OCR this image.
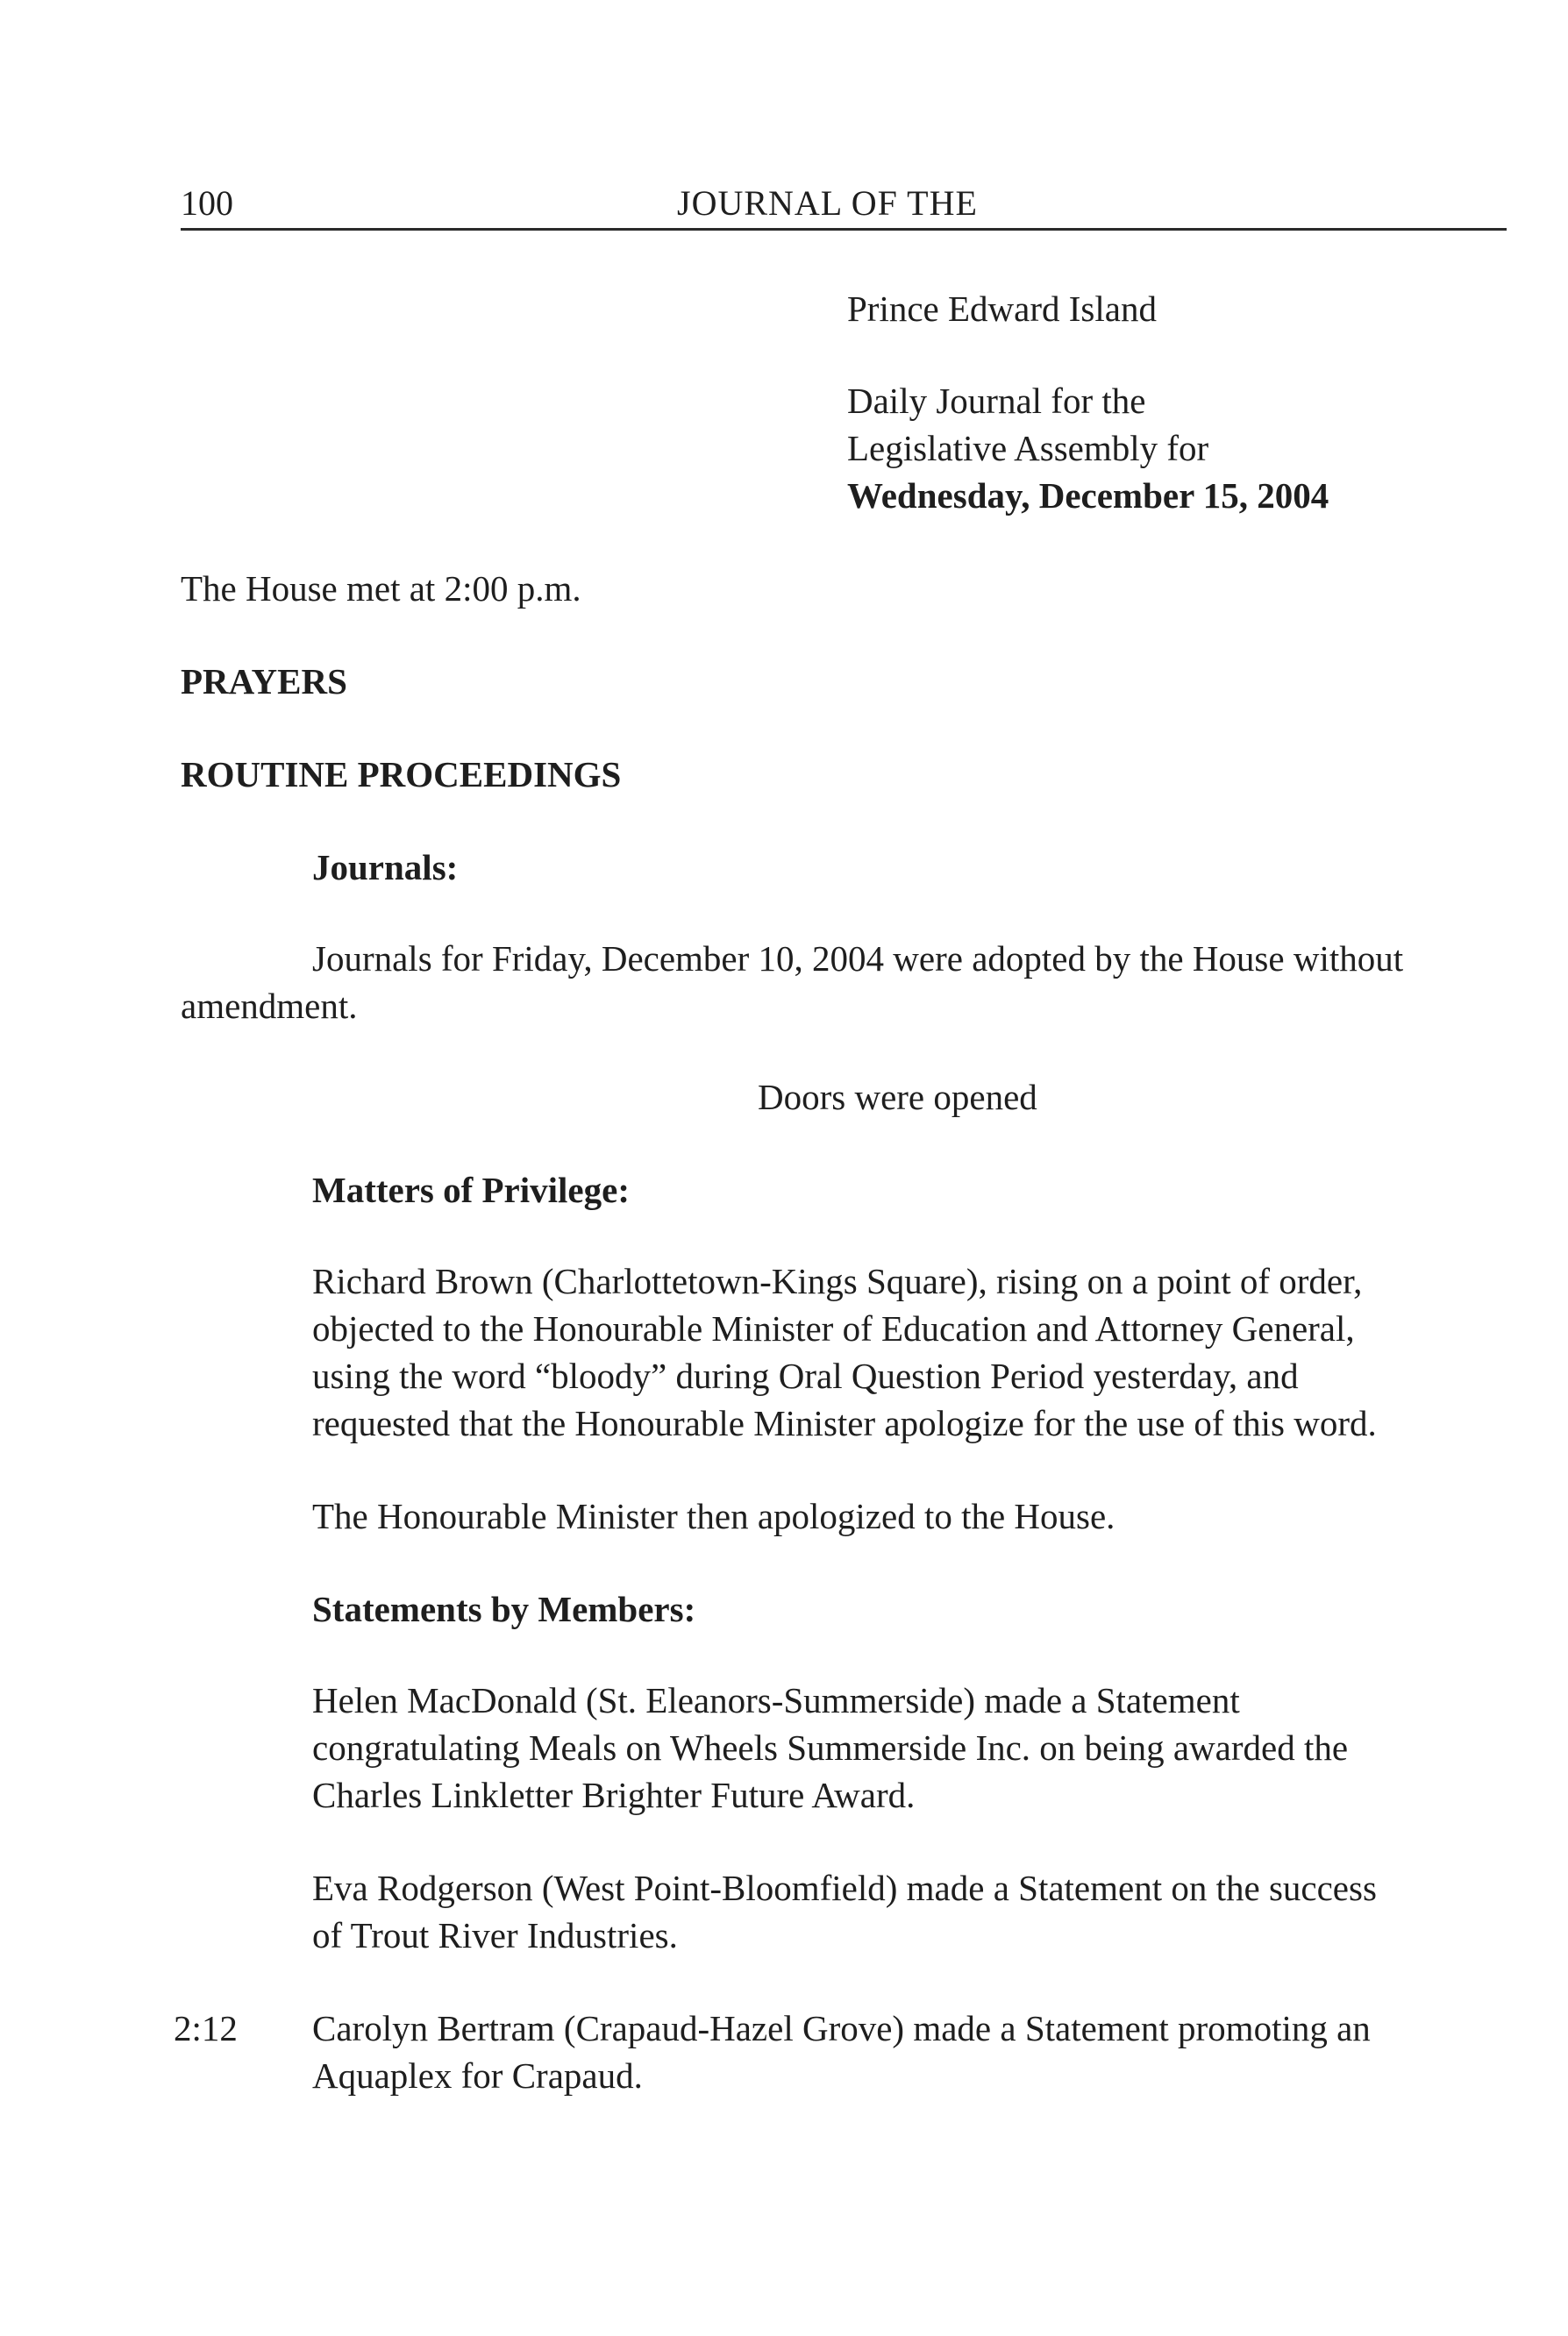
100	JOURNAL OF THE
Prince Edward Island
Daily Journal for the
Legislative Assembly for
Wednesday, December 15, 2004
The House met at 2:00 p.m.
PRAYERS
ROUTINE PROCEEDINGS
Journals:
Journals for Friday, December 10, 2004 were adopted by the House without
amendment.
Doors were opened
Matters of Privilege:
Richard Brown (Charlottetown-Kings Square), rising on a point of order,
objected to the Honourable Minister of Education and Attorney General,
using the word “bloody” during Oral Question Period yesterday, and
requested that the Honourable Minister apologize for the use of this word.
The Honourable Minister then apologized to the House.
Statements by Members:
Helen MacDonald (St. Eleanors-Summerside) made a Statement
congratulating Meals on Wheels Summerside Inc. on being awarded the
Charles Linkletter Brighter Future Award.
Eva Rodgerson (West Point-Bloomfield) made a Statement on the success
of Trout River Industries.
2:12 Carolyn Bertram (Crapaud-Hazel Grove) made a Statement promoting an
Aquaplex for Crapaud.
